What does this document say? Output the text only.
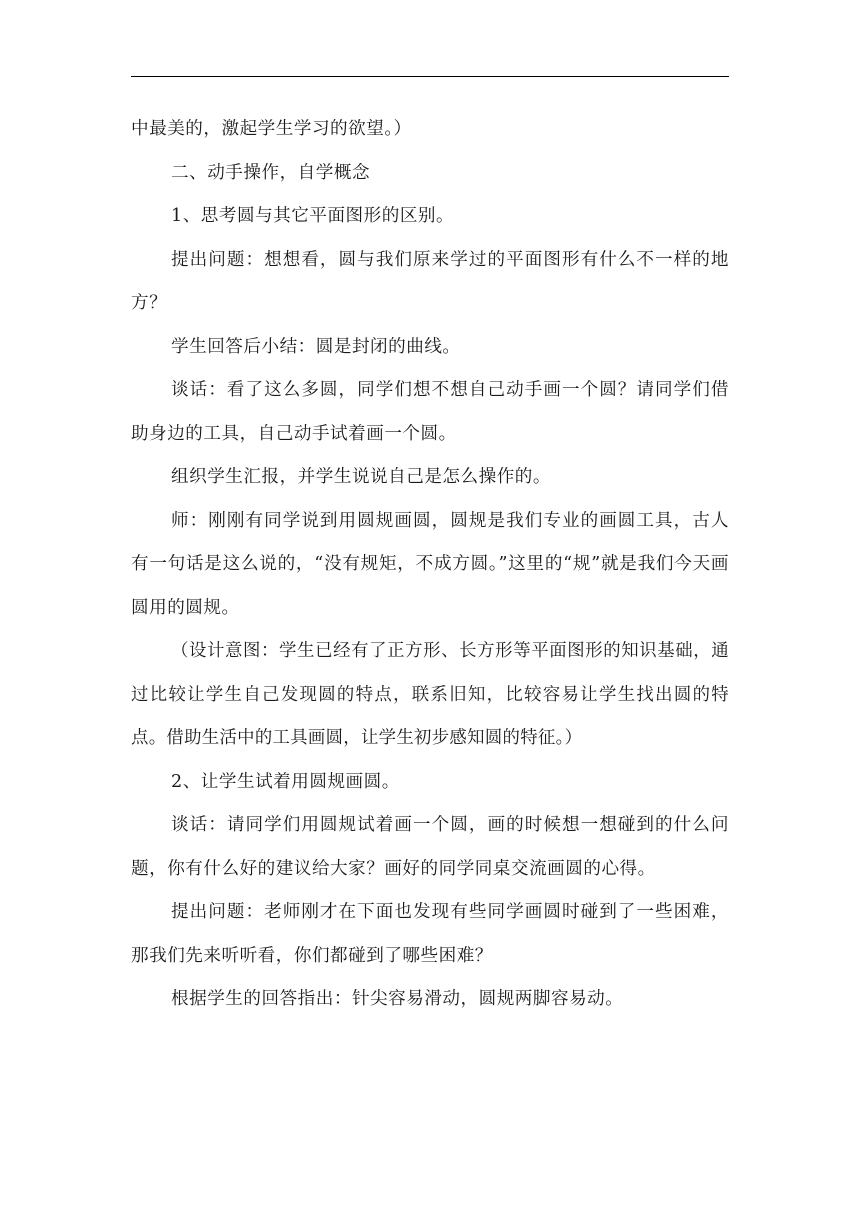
中最美的，激起学生学习的欲望。）

二、动手操作，自学概念

1、思考圆与其它平面图形的区别。

提出问题：想想看，圆与我们原来学过的平面图形有什么不一样的地方？

学生回答后小结：圆是封闭的曲线。

谈话：看了这么多圆，同学们想不想自己动手画一个圆？请同学们借助身边的工具，自己动手试着画一个圆。

组织学生汇报，并学生说说自己是怎么操作的。

师：刚刚有同学说到用圆规画圆，圆规是我们专业的画圆工具，古人有一句话是这么说的，“没有规矩，不成方圆。”这里的“规”就是我们今天画圆用的圆规。

（设计意图：学生已经有了正方形、长方形等平面图形的知识基础，通过比较让学生自己发现圆的特点，联系旧知，比较容易让学生找出圆的特点。借助生活中的工具画圆，让学生初步感知圆的特征。）

2、让学生试着用圆规画圆。

谈话：请同学们用圆规试着画一个圆，画的时候想一想碰到的什么问题，你有什么好的建议给大家？画好的同学同桌交流画圆的心得。

提出问题：老师刚才在下面也发现有些同学画圆时碰到了一些困难，那我们先来听听看，你们都碰到了哪些困难？

根据学生的回答指出：针尖容易滑动，圆规两脚容易动。
